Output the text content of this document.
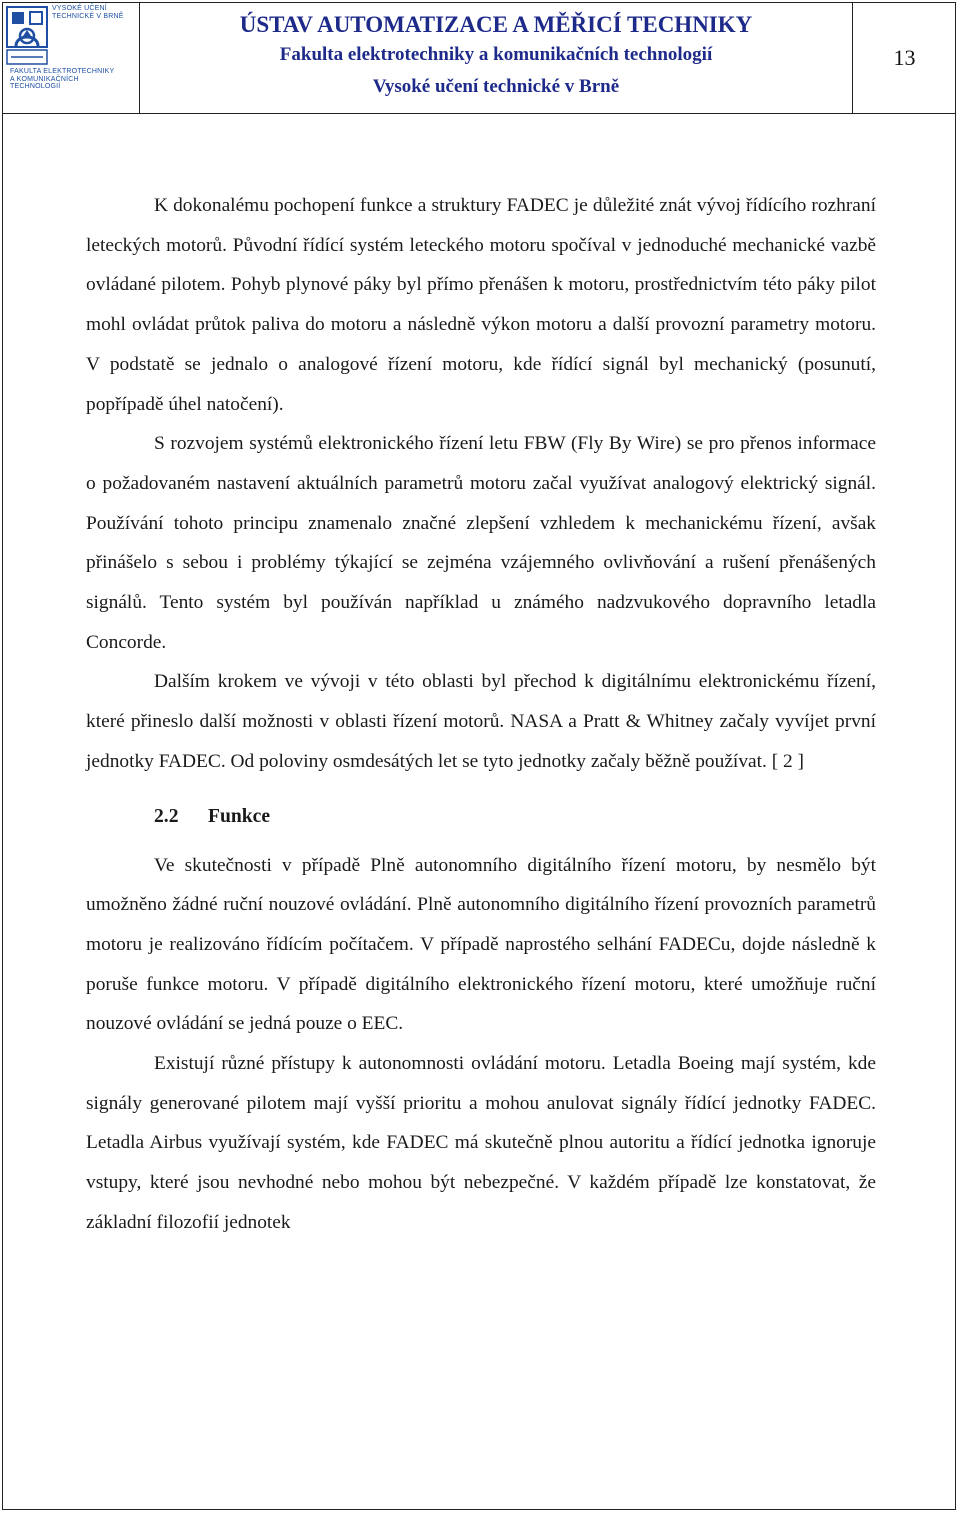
VYSOKÉ UČENÍ TECHNICKÉ V BRNĚ
FAKULTA ELEKTROTECHNIKY A KOMUNIKAČNÍCH TECHNOLOGIÍ
ÚSTAV AUTOMATIZACE A MĚŘICÍ TECHNIKY
Fakulta elektrotechniky a komunikačních technologií
Vysoké učení technické v Brně
13

K dokonalému pochopení funkce a struktury FADEC je důležité znát vývoj řídícího rozhraní leteckých motorů. Původní řídící systém leteckého motoru spočíval v jednoduché mechanické vazbě ovládané pilotem. Pohyb plynové páky byl přímo přenášen k motoru, prostřednictvím této páky pilot mohl ovládat průtok paliva do motoru a následně výkon motoru a další provozní parametry motoru. V podstatě se jednalo o analogové řízení motoru, kde řídící signál byl mechanický (posunutí, popřípadě úhel natočení).

S rozvojem systémů elektronického řízení letu FBW (Fly By Wire) se pro přenos informace o požadovaném nastavení aktuálních parametrů motoru začal využívat analogový elektrický signál. Používání tohoto principu znamenalo značné zlepšení vzhledem k mechanickému řízení, avšak přinášelo s sebou i problémy týkající se zejména vzájemného ovlivňování a rušení přenášených signálů. Tento systém byl používán například u známého nadzvukového dopravního letadla Concorde.

Dalším krokem ve vývoji v této oblasti byl přechod k digitálnímu elektronickému řízení, které přineslo další možnosti v oblasti řízení motorů. NASA a Pratt & Whitney začaly vyvíjet první jednotky FADEC. Od poloviny osmdesátých let se tyto jednotky začaly běžně používat. [ 2 ]

2.2 Funkce

Ve skutečnosti v případě Plně autonomního digitálního řízení motoru, by nesmělo být umožněno žádné ruční nouzové ovládání. Plně autonomního digitálního řízení provozních parametrů motoru je realizováno řídícím počítačem. V případě naprostého selhání FADECu, dojde následně k poruše funkce motoru. V případě digitálního elektronického řízení motoru, které umožňuje ruční nouzové ovládání se jedná pouze o EEC.

Existují různé přístupy k autonomnosti ovládání motoru. Letadla Boeing mají systém, kde signály generované pilotem mají vyšší prioritu a mohou anulovat signály řídící jednotky FADEC. Letadla Airbus využívají systém, kde FADEC má skutečně plnou autoritu a řídící jednotka ignoruje vstupy, které jsou nevhodné nebo mohou být nebezpečné. V každém případě lze konstatovat, že základní filozofií jednotek
